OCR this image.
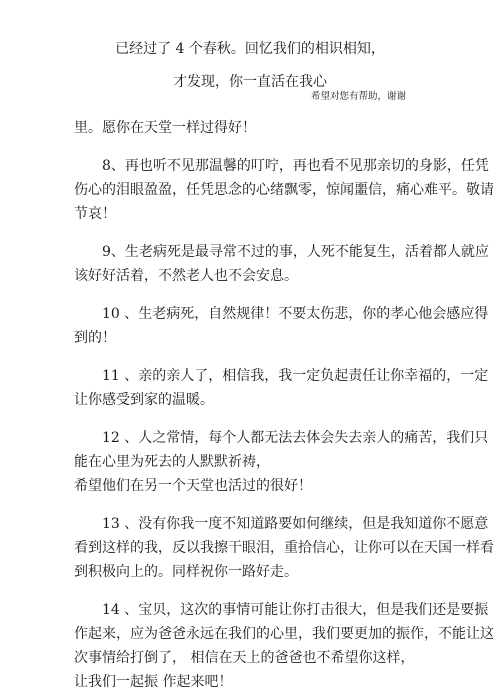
已经过了 4 个春秋。回忆我们的相识相知，
才发现，你一直活在我心
希望对您有帮助，谢谢
里。愿你在天堂一样过得好！
8、再也听不见那温馨的叮咛，再也看不见那亲切的身影，任凭
伤心的泪眼盈盈，任凭思念的心绪飘零，惊闻噩信，痛心难平。敬请
节哀！
9、生老病死是最寻常不过的事，人死不能复生，活着都人就应
该好好活着，不然老人也不会安息。
10 、生老病死，自然规律！不要太伤悲，你的孝心他会感应得
到的！
11 、亲的亲人了，相信我，我一定负起责任让你幸福的，一定
让你感受到家的温暖。
12 、人之常情，每个人都无法去体会失去亲人的痛苦，我们只
能在心里为死去的人默默祈祷，
希望他们在另一个天堂也活过的很好！
13 、没有你我一度不知道路要如何继续，但是我知道你不愿意
看到这样的我，反以我擦干眼泪，重拾信心，让你可以在天国一样看
到积极向上的。同样祝你一路好走。
14 、宝贝，这次的事情可能让你打击很大，但是我们还是要振
作起来，应为爸爸永远在我们的心里，我们要更加的振作，不能让这
次事情给打倒了， 相信在天上的爸爸也不希望你这样，
让我们一起振 作起来吧！
